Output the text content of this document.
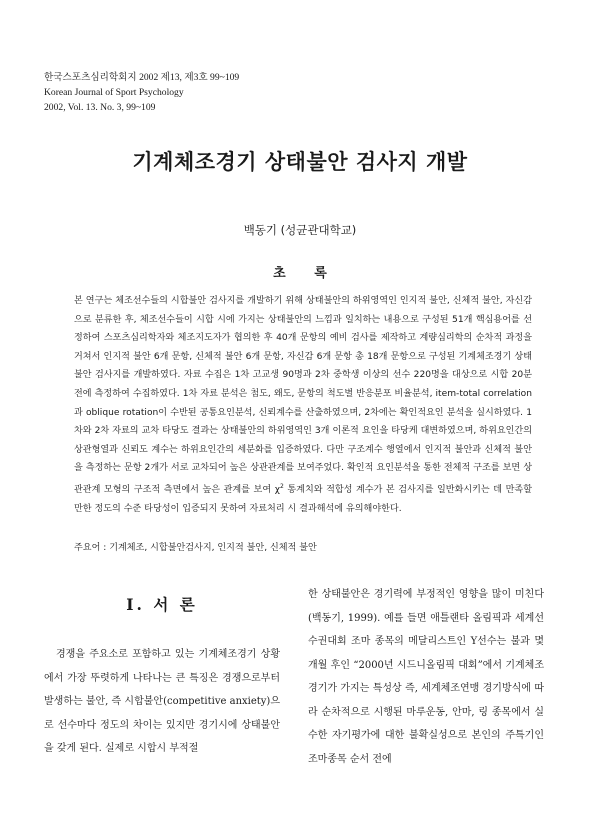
한국스포츠심리학회지 2002 제13, 제3호 99~109
Korean Journal of Sport Psychology
2002, Vol. 13. No. 3, 99~109
기계체조경기 상태불안 검사지 개발
백동기 (성균관대학교)
초 록
본 연구는 체조선수들의 시합불안 검사지를 개발하기 위해 상태불안의 하위영역인 인지적 불안, 신체적 불안, 자신감으로 분류한 후, 체조선수들이 시합 시에 가지는 상태불안의 느낌과 일치하는 내용으로 구성된 51개 핵심용어를 선정하여 스포츠심리학자와 체조지도자가 협의한 후 40개 문항의 예비 검사를 제작하고 계량심리학의 순차적 과정을 거쳐서 인지적 불안 6개 문항, 신체적 불안 6개 문항, 자신감 6개 문항 총 18개 문항으로 구성된 기계체조경기 상태불안 검사지를 개발하였다. 자료 수집은 1차 고교생 90명과 2차 중학생 이상의 선수 220명을 대상으로 시합 20분전에 측정하여 수집하였다. 1차 자료 분석은 첨도, 왜도, 문항의 척도별 반응분포 비율분석, item-total correlation과 oblique rotation이 수반된 공통요인분석, 신뢰계수를 산출하였으며, 2차에는 확인적요인 분석을 실시하였다. 1차와 2차 자료의 교차 타당도 결과는 상태불안의 하위영역인 3개 이론적 요인을 타당케 대변하였으며, 하위요인간의 상관형열과 신뢰도 계수는 하위요인간의 세분화를 입증하였다. 다만 구조계수 행열에서 인지적 불안과 신체적 불안을 측정하는 문항 2개가 서로 교차되어 높은 상관관계를 보여주었다. 확인적 요인분석을 통한 전체적 구조를 보면 상관관계 모형의 구조적 측면에서 높은 관계를 보여 $\chi^2$ 통계치와 적합성 계수가 본 검사지를 일반화시키는 데 만족할 만한 정도의 수준 타당성이 입증되지 못하여 자료처리 시 결과해석에 유의해야한다.
주요어 : 기계체조, 시합불안검사지, 인지적 불안, 신체적 불안
Ⅰ. 서 론
경쟁을 주요소로 포함하고 있는 기계체조경기 상황에서 가장 뚜렷하게 나타나는 큰 특징은 경쟁으로부터 발생하는 불안, 즉 시합불안(competitive anxiety)으로 선수마다 정도의 차이는 있지만 경기시에 상태불안을 갖게 된다. 실제로 시합시 부적절
한 상태불안은 경기력에 부정적인 영향을 많이 미친다(백동기, 1999). 예를 들면 애틀랜타 올림픽과 세계선수권대회 조마 종목의 메달리스트인 Y선수는 불과 몇 개월 후인 “2000년 시드니올림픽 대회”에서 기계체조경기가 가지는 특성상 즉, 세계체조연맹 경기방식에 따라 순차적으로 시행된 마루운동, 안마, 링 종목에서 실수한 자기평가에 대한 불확실성으로 본인의 주특기인 조마종목 순서 전에
